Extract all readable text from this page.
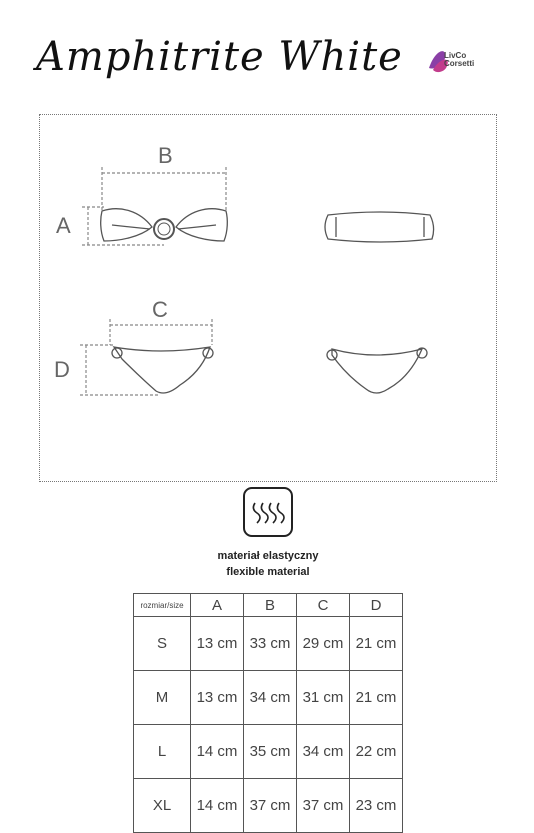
Amphitrite White	LivCo
Corsetti
B
A
C
D
materiał elastyczny
flexible material
rozmiar/size	A	B	C	D
S	13 cm	33 cm	29 cm	21 cm
M	13 cm	34 cm	31 cm	21 cm
L	14 cm	35 cm	34 cm	22 cm
XL	14 cm	37 cm	37 cm	23 cm
